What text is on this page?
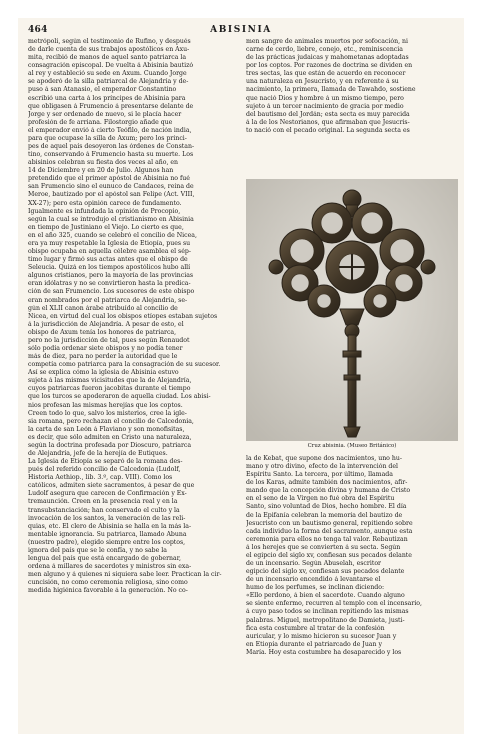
464	ABISINIA
metrópoli, según el testimonio de Rufino, y después
de darle cuenta de sus trabajos apostólicos en Axu-
mita, recibió de manos de aquel santo patriarca la
consagración episcopal. De vuelta á Abisinia bautizó
al rey y estableció su sede en Axum. Cuando Jorge
se apoderó de la silla patriarcal de Alejandría y de-
puso á san Atanasio, el emperador Constantino
escribió una carta á los príncipes de Abisinia para
que obligasen á Frumencio á presentarse delante de
Jorge y ser ordenado de nuevo, si le placía hacer
profesión de fe arriana. Filostorgio añade que
el emperador envió á cierto Teófilo, de nación india,
para que ocupase la silla de Axum; pero los princi-
pes de aquel país desoyeron las órdenes de Constan-
tino, conservando á Frumencio hasta su muerte. Los
abisinios celebran su fiesta dos veces al año, en
14 de Diciembre y en 20 de Julio. Algunos han
pretendido que el primer apóstol de Abisinia no fué
san Frumencio sino el eunuco de Candaces, reina de
Meroe, bautizado por el apóstol san Felipe (Act. VIII,
XX-27); pero esta opinión carece de fundamento.
Igualmente es infundada la opinión de Procopio,
según la cual se introdujo el cristianismo en Abisinia
en tiempo de Justiniano el Viejo. Lo cierto es que,
en el año 325, cuando se celebró el concilio de Nicea,
era ya muy respetable la Iglesia de Etiopía, pues su
obispo ocupaba en aquella célebre asamblea el sép-
timo lugar y firmó sus actas antes que el obispo de
Seleucia. Quizá en los tiempos apostólicos hubo allí
algunos cristianos, pero la mayoría de las provincias
eran idólatras y no se convirtieron hasta la predica-
ción de san Frumencio. Los sucesores de este obispo
eran nombrados por el patriarca de Alejandría, se-
gún el XLII canon árabe atribuído al concilio de
Nicea, en virtud del cual los obispos etíopes estaban sujetos
á la jurisdicción de Alejandría. A pesar de esto, el
obispo de Axum tenía los honores de patriarca,
pero no la jurisdicción de tal, pues según Renaudot
sólo podía ordenar siete obispos y no podía tener
más de diez, para no perder la autoridad que le
competía como patriarca para la consagración de su sucesor.
Así se explica cómo la iglesia de Abisinia estuvo
sujeta á las mismas vicisitudes que la de Alejandría,
cuyos patriarcas fueron jacobitas durante el tiempo
que los turcos se apoderaron de aquella ciudad. Los abisi-
nios profesan las mismas herejías que los coptos.
Creen todo lo que, salvo los misterios, cree la igle-
sia romana, pero rechazan el concilio de Calcedonia,
la carta de san León á Flaviano y son monofisitas,
es decir, que sólo admiten en Cristo una naturaleza,
según la doctrina profesada por Dioscuro, patriarca
de Alejandría, jefe de la herejía de Eutiques.
La Iglesia de Etiopía se separó de la romana des-
pués del referido concilio de Calcedonia (Ludolf,
Historia Aethiop., lib. 3.º, cap. VIII). Como los
católicos, admiten siete sacramentos, á pesar de que
Ludolf asegura que carecen de Confirmación y Ex-
tremaunción. Creen en la presencia real y en la
transubstanciación; han conservado el culto y la
invocación de los santos, la veneración de las reli-
quias, etc. El clero de Abisinia se halla en la más la-
mentable ignorancia. Su patriarca, llamado Abuna
(nuestro padre), elegido siempre entre los coptos,
ignora del país que se le confía, y no sabe la
lengua del país que está encargado de gobernar,
ordena á millares de sacerdotes y ministros sin exa-
men alguno y á quienes ni siquiera sabe leer. Practican la cir-
cuncisión, no como ceremonia religiosa, sino como
medida higiénica favorable á la generación. No co-
men sangre de animales muertos por sofocación, ni
carne de cerdo, liebre, conejo, etc., reminiscencia
de las prácticas judaicas y mahometanas adoptadas
por los coptos. Por razones de doctrina se dividen en
tres sectas, las que están de acuerdo en reconocer
una naturaleza en Jesucristo, y en referente á su
nacimiento, la primera, llamada de Tawahdo, sostiene
que nació Dios y hombre á un mismo tiempo, pero
sujeto á un tercer nacimiento de gracia por medio
del bautismo del Jordán; esta secta es muy parecida
á la de los Nestorianos, que afirmaban que Jesucris-
to nació con el pecado original. La segunda secta es
Cruz abisinia. (Museo Británico)
la de Kebat, que supone dos nacimientos, uno hu-
mano y otro divino, efecto de la intervención del
Espíritu Santo. La tercera, por último, llamada
de los Karas, admite también dos nacimientos, afir-
mando que la concepción divina y humana de Cristo
en el seno de la Virgen no fué obra del Espíritu
Santo, sino voluntad de Dios, hecho hombre. El día
de la Epifanía celebran la memoria del bautizo de
Jesucristo con un bautismo general, repitiendo sobre
cada individuo la forma del sacramento, aunque esta
ceremonia para ellos no tenga tal valor. Rebautizan
á los herejes que se convierten á su secta. Según
el egipcio del siglo xv, confiesan sus pecados delante
de un incensario. Según Abuselah, escritor
egipcio del siglo xv, confiesan sus pecados delante
de un incensario encendido á levantarse el
humo de los perfumes, se inclinan diciendo:
«Ello perdono, á bien el sacerdote. Cuando alguno
se siente enfermo, recurren al templo con el incensario,
á cuyo paso todos se inclinan repitiendo las mismas
palabras. Miguel, metropolitano de Damieta, justi-
fica esta costumbre al tratar de la confesión
auricular, y lo mismo hicieron su sucesor Juan y
en Etiopía durante el patriarcado de Juan y
María. Hoy esta costumbre ha desaparecido y los
